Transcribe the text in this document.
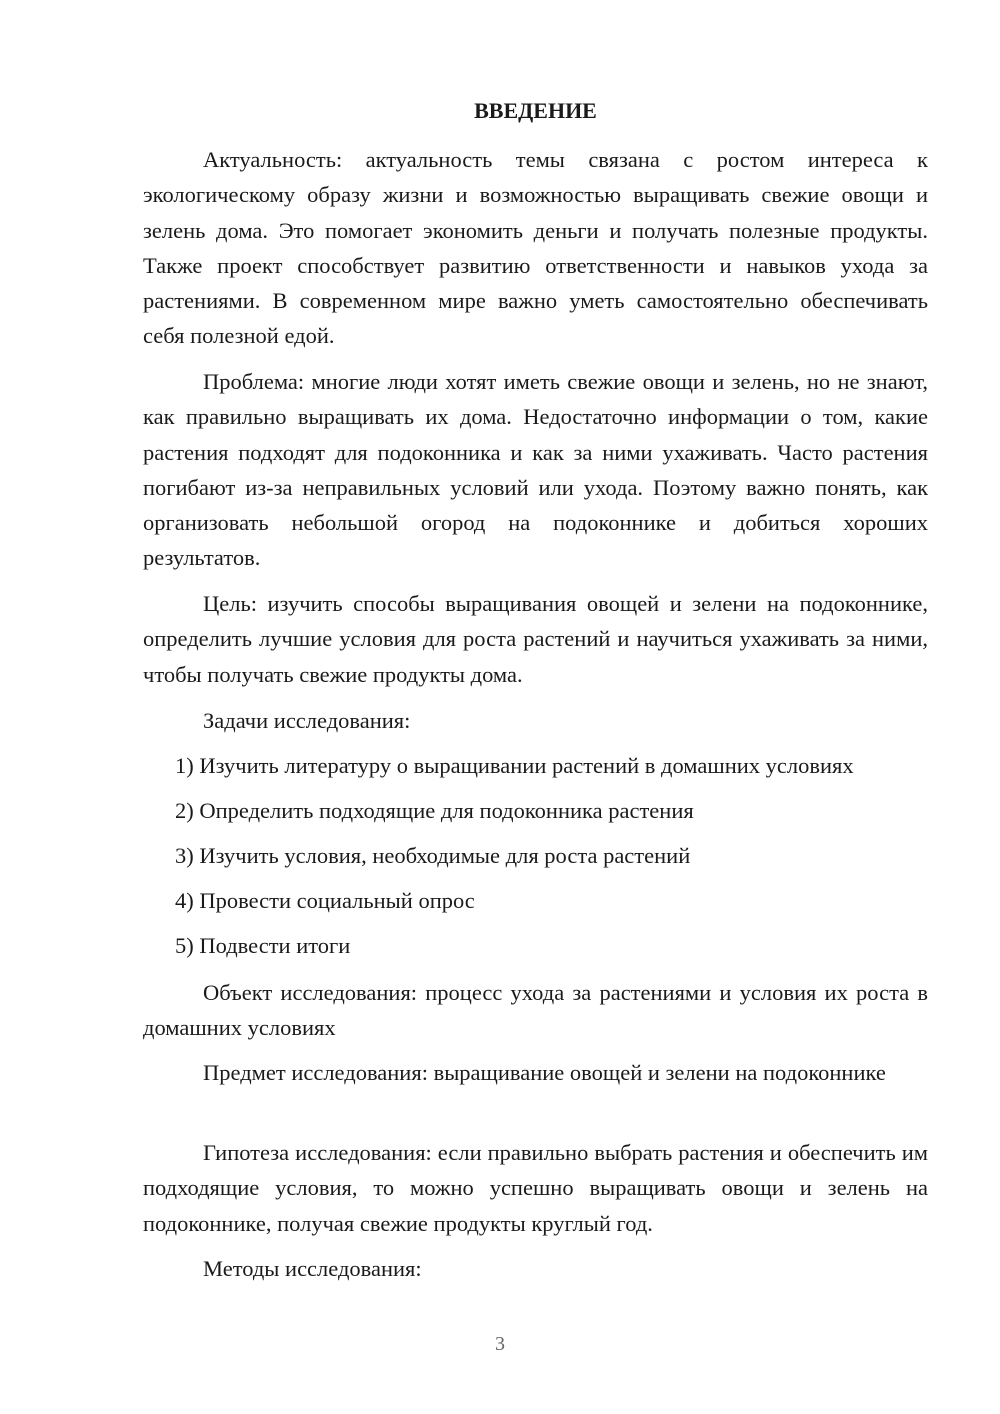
ВВЕДЕНИЕ

Актуальность: актуальность темы связана с ростом интереса к экологическому образу жизни и возможностью выращивать свежие овощи и зелень дома. Это помогает экономить деньги и получать полезные продукты. Также проект способствует развитию ответственности и навыков ухода за растениями. В современном мире важно уметь самостоятельно обеспечивать себя полезной едой.

Проблема: многие люди хотят иметь свежие овощи и зелень, но не знают, как правильно выращивать их дома. Недостаточно информации о том, какие растения подходят для подоконника и как за ними ухаживать. Часто растения погибают из-за неправильных условий или ухода. Поэтому важно понять, как организовать небольшой огород на подоконнике и добиться хороших результатов.

Цель: изучить способы выращивания овощей и зелени на подоконнике, определить лучшие условия для роста растений и научиться ухаживать за ними, чтобы получать свежие продукты дома.

Задачи исследования:

1) Изучить литературу о выращивании растений в домашних условиях

2) Определить подходящие для подоконника растения

3) Изучить условия, необходимые для роста растений

4) Провести социальный опрос

5) Подвести итоги

Объект исследования: процесс ухода за растениями и условия их роста в домашних условиях

Предмет исследования: выращивание овощей и зелени на подоконнике

Гипотеза исследования: если правильно выбрать растения и обеспечить им подходящие условия, то можно успешно выращивать овощи и зелень на подоконнике, получая свежие продукты круглый год.

Методы исследования:

3
